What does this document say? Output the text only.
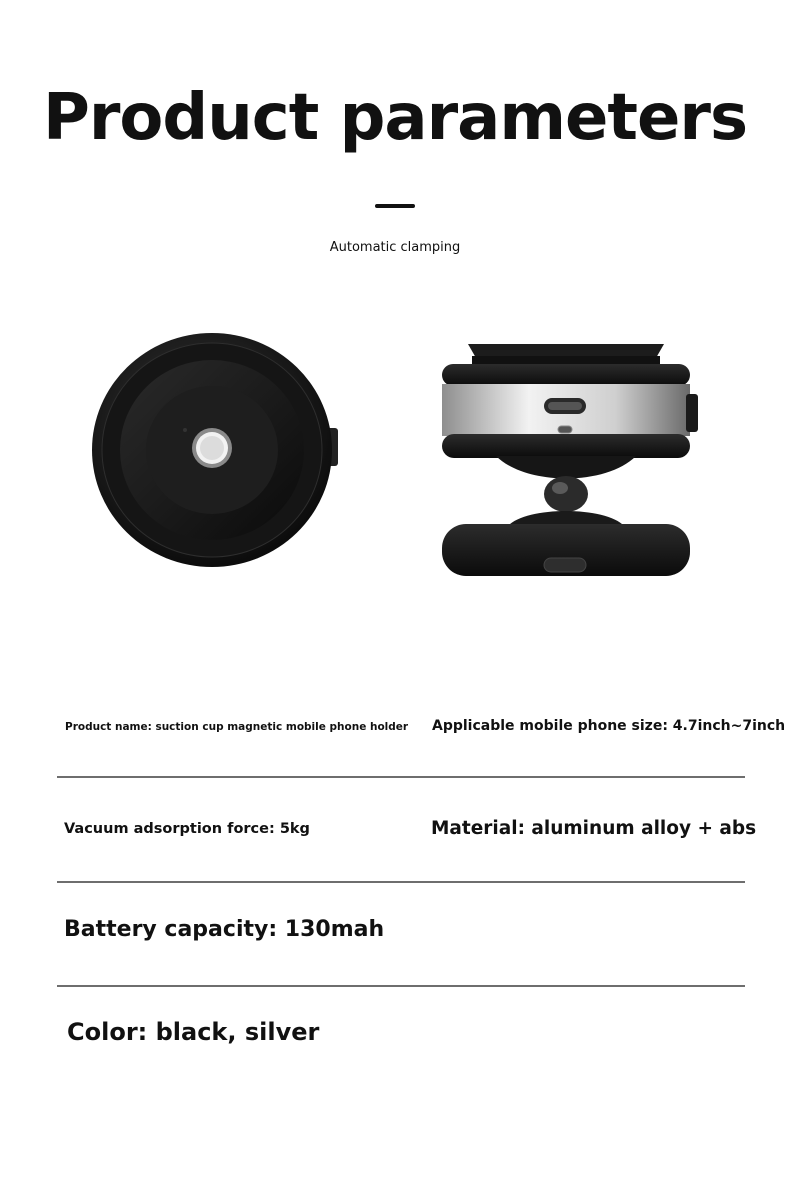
Product parameters
Automatic clamping
Product name: suction cup magnetic mobile phone holder Applicable mobile phone size: 4.7inch~7inch
Vacuum adsorption force: 5kg	Material: aluminum alloy + abs
Battery capacity: 130mah
Color: black, silver
